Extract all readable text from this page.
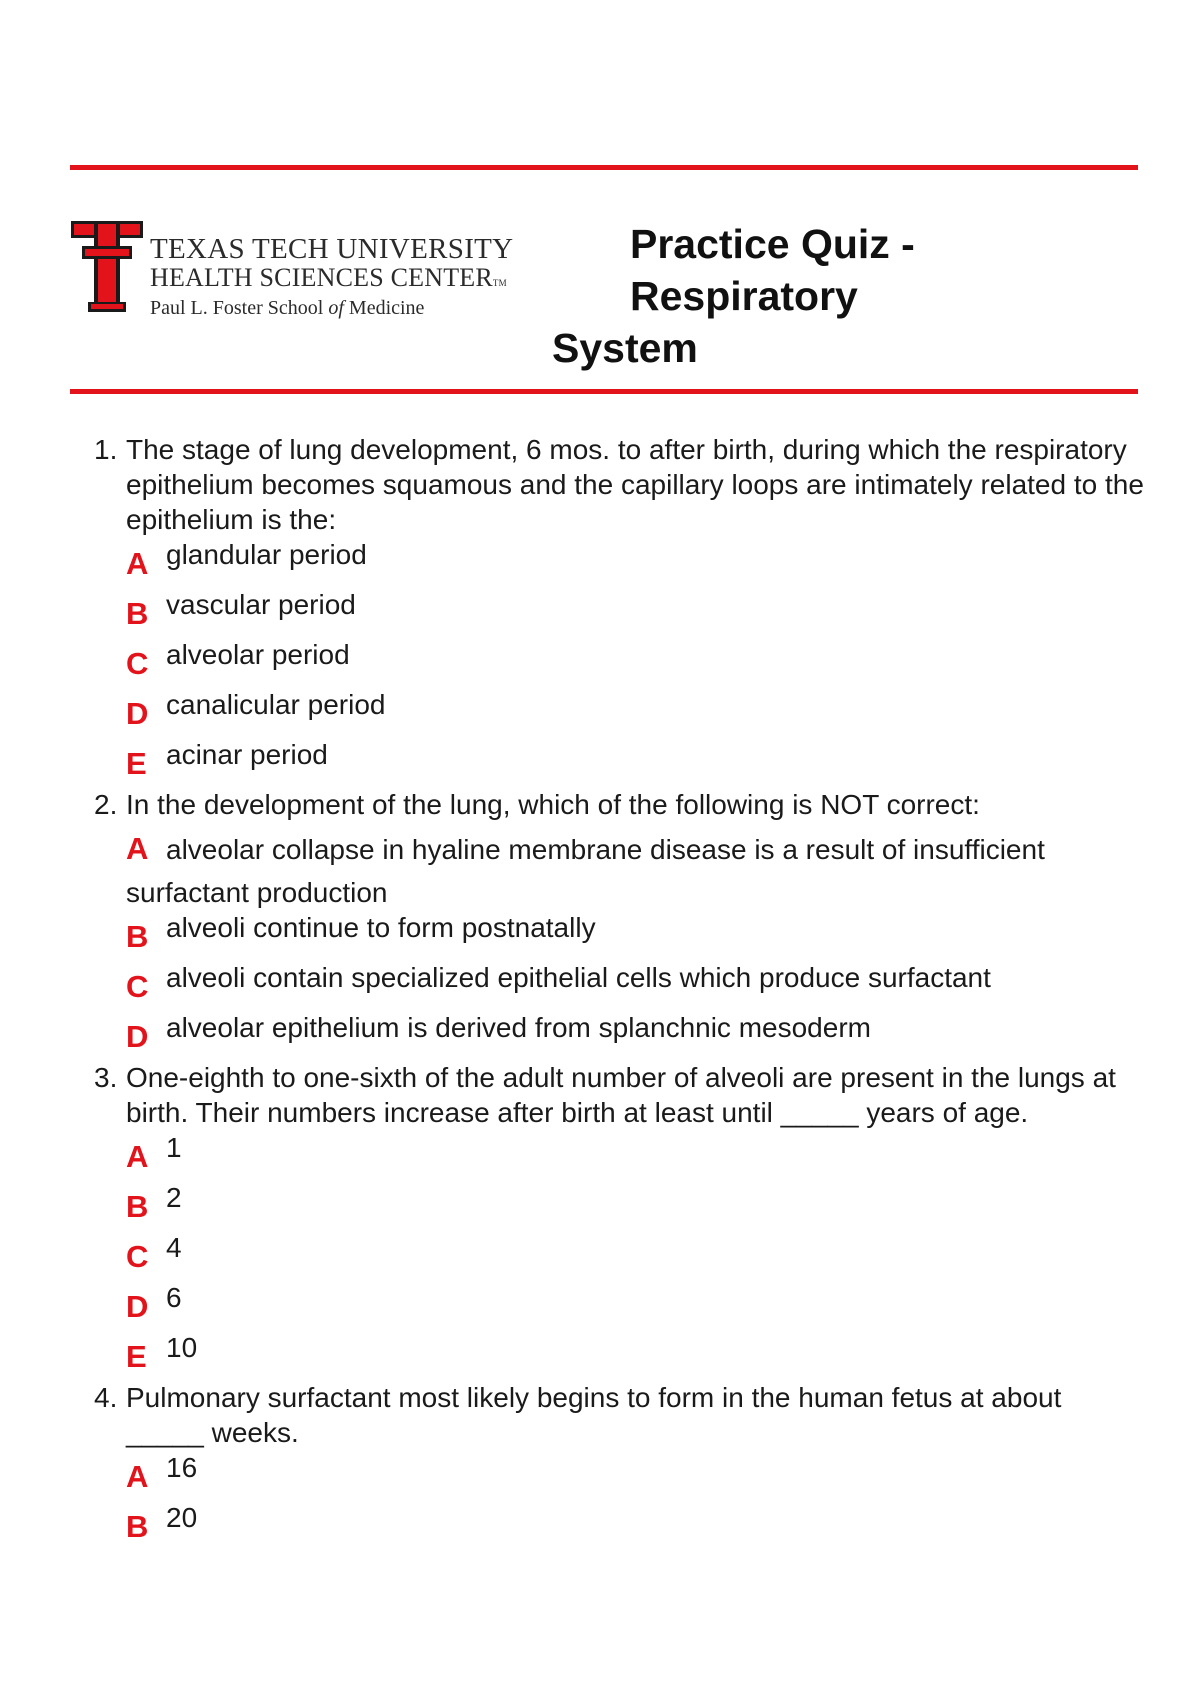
TEXAS TECH UNIVERSITY
HEALTH SCIENCES CENTERTM
Paul L. Foster School of Medicine
Practice Quiz - Respiratory
System
1. The stage of lung development, 6 mos. to after birth, during which the respiratory epithelium becomes squamous and the capillary loops are intimately related to the epithelium is the:
A glandular period
B vascular period
C alveolar period
D canalicular period
E acinar period
2. In the development of the lung, which of the following is NOT correct:
A alveolar collapse in hyaline membrane disease is a result of insufficient
surfactant production
B alveoli continue to form postnatally
C alveoli contain specialized epithelial cells which produce surfactant
D alveolar epithelium is derived from splanchnic mesoderm
3. One-eighth to one-sixth of the adult number of alveoli are present in the lungs at birth. Their numbers increase after birth at least until _____ years of age.
A 1
B 2
C 4
D 6
E 10
4. Pulmonary surfactant most likely begins to form in the human fetus at about _____ weeks.
A 16
B 20
